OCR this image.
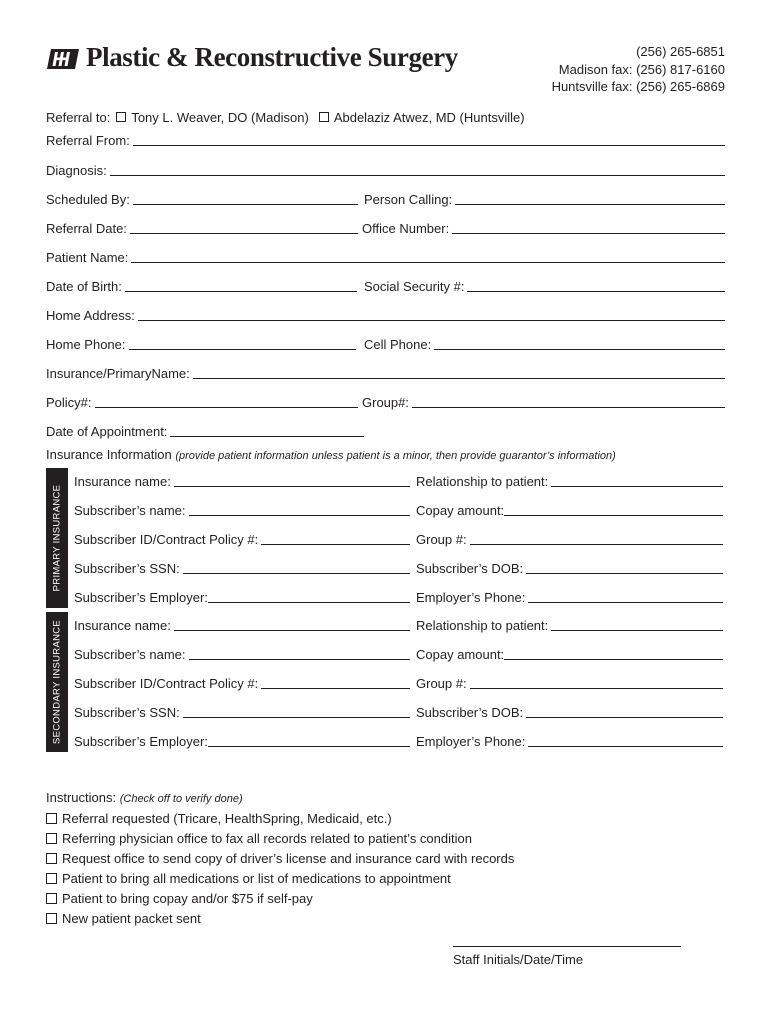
Plastic & Reconstructive Surgery	(256) 265-6851
Madison fax: (256) 817-6160
Huntsville fax: (256) 265-6869
Referral to: Tony L. Weaver, DO (Madison) Abdelaziz Atwez, MD (Huntsville)
Referral From:
Diagnosis:
Scheduled By:	Person Calling:
Referral Date:	Office Number:
Patient Name:
Date of Birth:	Social Security #:
Home Address:
Home Phone:	Cell Phone:
Insurance/PrimaryName:
Policy#:	Group#:
Date of Appointment:
Insurance Information (provide patient information unless patient is a minor, then provide guarantor’s information)
PRIMARY INSURANCE
Insurance name:	Relationship to patient:
Subscriber’s name:	Copay amount:
Subscriber ID/Contract Policy #:	Group #:
Subscriber’s SSN:	Subscriber’s DOB:
Subscriber’s Employer:	Employer’s Phone:
SECONDARY INSURANCE Insurance name:	Relationship to patient:
Subscriber’s name:	Copay amount:
Subscriber ID/Contract Policy #:	Group #:
Subscriber’s SSN:	Subscriber’s DOB:
Subscriber’s Employer:	Employer’s Phone:
Instructions: (Check off to verify done)
Referral requested (Tricare, HealthSpring, Medicaid, etc.)
Referring physician office to fax all records related to patient’s condition
Request office to send copy of driver’s license and insurance card with records
Patient to bring all medications or list of medications to appointment
Patient to bring copay and/or $75 if self-pay
New patient packet sent
Staff Initials/Date/Time
